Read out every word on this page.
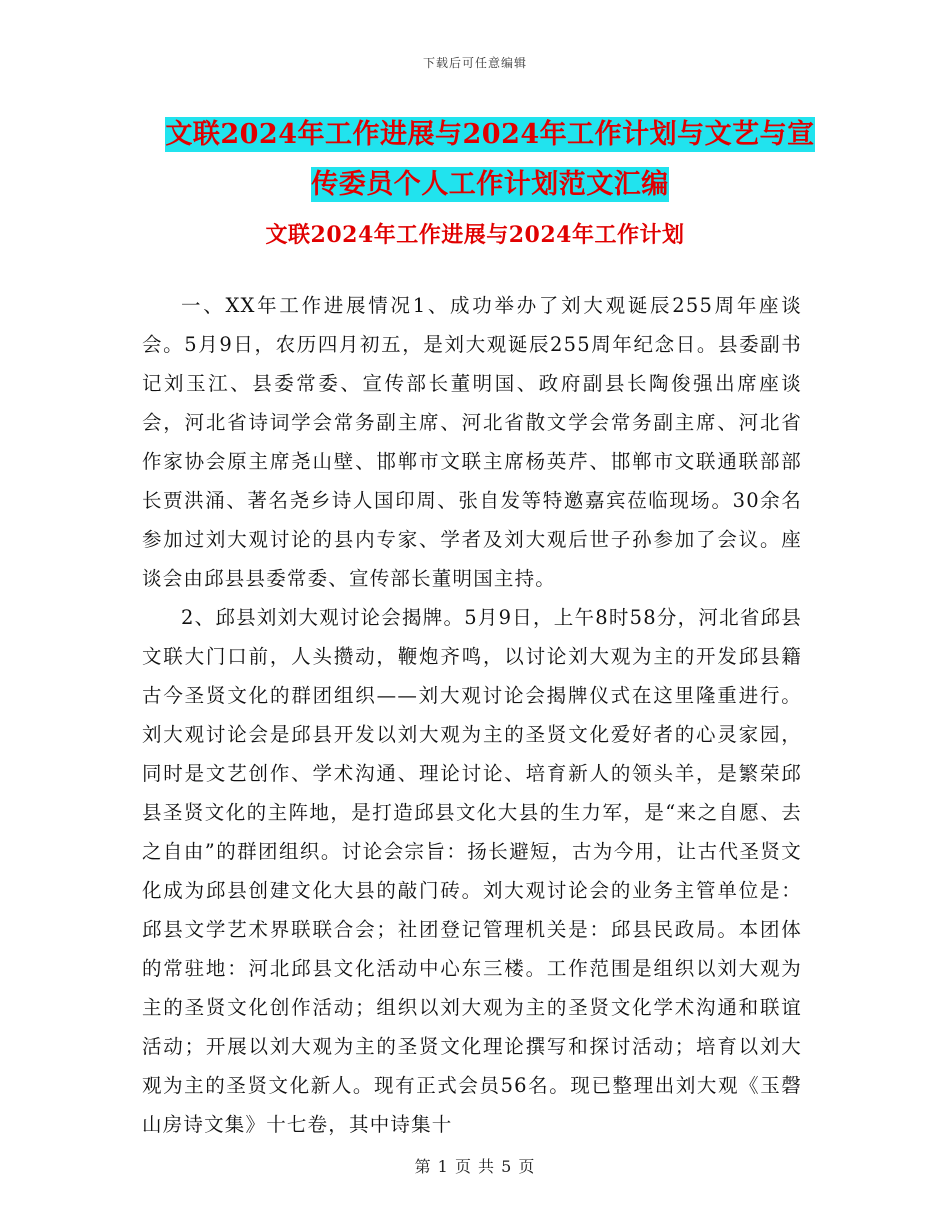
下载后可任意编辑
文联2024年工作进展与2024年工作计划与文艺与宣
传委员个人工作计划范文汇编
文联2024年工作进展与2024年工作计划

一、XX年工作进展情况1、成功举办了刘大观诞辰255周年座谈会。5月9日，农历四月初五，是刘大观诞辰255周年纪念日。县委副书记刘玉江、县委常委、宣传部长董明国、政府副县长陶俊强出席座谈会，河北省诗词学会常务副主席、河北省散文学会常务副主席、河北省作家协会原主席尧山壁、邯郸市文联主席杨英芹、邯郸市文联通联部部长贾洪涌、著名尧乡诗人国印周、张自发等特邀嘉宾莅临现场。30余名参加过刘大观讨论的县内专家、学者及刘大观后世子孙参加了会议。座谈会由邱县县委常委、宣传部长董明国主持。

2、邱县刘刘大观讨论会揭牌。5月9日，上午8时58分，河北省邱县文联大门口前，人头攒动，鞭炮齐鸣，以讨论刘大观为主的开发邱县籍古今圣贤文化的群团组织——刘大观讨论会揭牌仪式在这里隆重进行。刘大观讨论会是邱县开发以刘大观为主的圣贤文化爱好者的心灵家园，同时是文艺创作、学术沟通、理论讨论、培育新人的领头羊，是繁荣邱县圣贤文化的主阵地，是打造邱县文化大县的生力军，是“来之自愿、去之自由”的群团组织。讨论会宗旨：扬长避短，古为今用，让古代圣贤文化成为邱县创建文化大县的敲门砖。刘大观讨论会的业务主管单位是：邱县文学艺术界联联合会；社团登记管理机关是：邱县民政局。本团体的常驻地：河北邱县文化活动中心东三楼。工作范围是组织以刘大观为主的圣贤文化创作活动；组织以刘大观为主的圣贤文化学术沟通和联谊活动；开展以刘大观为主的圣贤文化理论撰写和探讨活动；培育以刘大观为主的圣贤文化新人。现有正式会员56名。现已整理出刘大观《玉磬山房诗文集》十七卷，其中诗集十

第 1 页 共 5 页
